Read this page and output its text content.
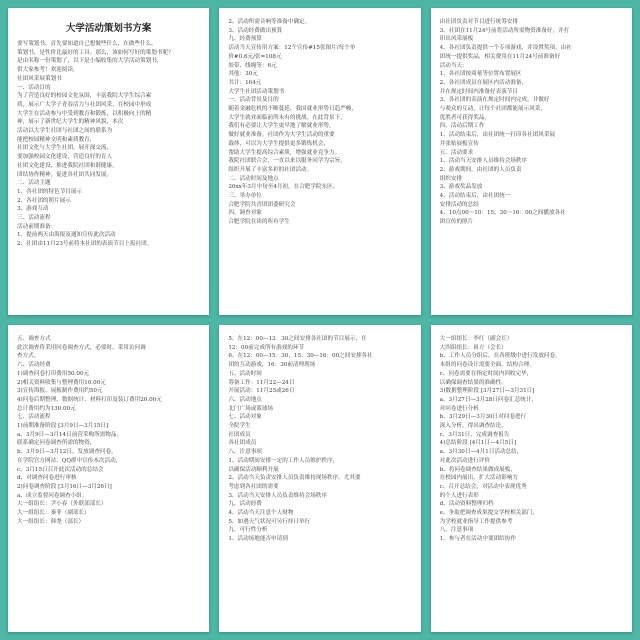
大学活动策划书方案
要写策划书，首先要知道自己想做些什么，在做些什么。
策划书，是性价比最好的工具。那么，该如何写好的策划书呢？
是由名称一份策划了，以下是小编收集的大学活动策划书，
供大家参考！欢迎阅读。
社团风采展策划书
一、活动目的
为了营造良好的校园文化氛围，丰富我院大学生综合素
质，展示广大学子青春活力与社团风采，在校园中形成
大学生在活动参与中受到教育和锻炼，以积极向上的精
神，展示了新世纪大学生的精神风貌，本次
活动以大学生社团与社团之间的联系为
能把校园精神文明和素质教育，
社团文化与大学生社团，展开深交流，
要加强校园文化建设，营造良好的育人
社团文化建设，推进我院社团和谐健康，
团结协作精神，促进各社团共同发展。
二、活动主题
1、各社团的特色节目展示
2、各社团的照片展示
3、游戏互动
三、活动流程
活动前期准备：
1、提前两天由海报及通知宣传此次活动
2、社团由11月23号前将本社团的表演节目上报社团。
2、活动所需音响等准备中确定。
3、活动经费做出预算
九、经费预算
活动当天宣传用方案：12个宣传#15张图片/每个单
价#0.6元/张=108元
胶带、线绳等：6元
其他：30元
共计：164元
大学生社团活动策划书
一、活动背景及目的
随着金融危机的不断蔓延，我国就业形势日趋严峻，
大学生就业面临前所未有的挑战。在此背景下，
我们有必要让大学生更早地了解就业形势，
做好就业准备。社团作为大学生活动的重要
载体，可以为大学生提供更多锻炼机会，
帮助大学生提高综合素质，增强就业竞争力。
我院社团联合会，一直以来以服务同学为宗旨，
组织开展了丰富多彩的社团活动。
二、活动时间及地点
20xx年3月中旬至4月初，在合肥学院东区。
三、举办单位
合肥学院共青团团委研究会
四、调查对象
合肥学院在读的所有学生
由社团负责对节目进行统筹安排
3、社团在11月24号前将活动所需物资准备好，并打
印出风采展板
4、各社团负责提供一个专项游戏，并设置奖项，由社
团统一提供奖品，相关费用在11月24号前准备好
活动当天：
1、各社团按商量等位置布置展区
2、各社团成员在展区内活动准备，
并在规定时间内准备好表演节目
3、各社团的表演在规定时间内完成，并做好
与观众的互动，让每个社团都能展示风采，
优胜者可获得奖品，
四、活动后期工作
1、活动结束后，由社团统一打印各社团风采展
并张贴展板宣传
五、活动要求
1、活动当天安排人员维持会场秩序
2、游戏期间，由社团的人员负责
组织安排
3、游戏奖品发放
4、活动结束后，由社团统一
安排活动的总结
4、10点00～10：15、30～16：00之间播放各社
团宣传的照片
五、调查方式
此次调查将采用问卷调查方式，必要时，采用访问调
查方式。
六、活动经费
1)调查问卷打印费用50.00元
2)相关资料收集与整理费用10.00元
3)宣传海报、展板制作费用约50元
4)问卷后期整理、数据统计、材料打印及装订费用20.00元
总计费用约为130.00元
七、活动流程
1)前期准备阶段 [3月9日—3月15日]
a、3月9日—3月14日前营采购所需物品，
联系确定问卷调查所需的物资，
b、3月9日—3月12日，发放调查问卷，
在学院官方网站、QQ群中宣传本次活动，
c、3月15日召开此次活动的总结会
d、对调查问卷进行审核
2)问卷调查阶段 [3月16日—3月26日]
a、成立监督问卷调查小组：
大一组组长：尹小春（外联部部长）
大一组组长：秦菲（副部长）
大一组组长：韩尧（部长）
5、在12：00—13：30之间安排各社团的节目展示，在
12：00前完成所有游戏的环节
6、在12：00—15：30，15：30—16：00之间安排各社
团的互动游戏，16：30前清理现场
五、活动时间
筹备工作：11月22—24日
开展活动：11月25或26日
六、活动地点
北门广场或篮球场
七、活动对象
全院学生
社团成员
各社团成员
八、注意事项
1、活动期间安排一定的工作人员维护秩序，
以确保活动顺利开展
2、活动当天负责安排人员负责维持现场秩序，尤其要
考虑到各社团的需要
3、活动当天安排人员负责维持会场秩序
九、活动经费
4、活动当天注意个人财物
5、如遇天气状况可另行择日举行
九、可行性分析
1、活动场地能否申请到
大一组组长：李红（副会长）
大四组组长：祖方（会长）
b、工作人员分组后，在各班级中进行发放问卷。
本组的问卷设计需要全面，结构合理。
c、问卷需要在指定时间内回收完毕，
以确保调查结果的准确性。
3)数据整理阶段 [3月27日—3月31日]
a、3月27日—3月28日问卷汇总统计，
对问卷进行分析
b、3月29日—3月30日对问卷进行
深入分析，得出调查结论，
c、3月31日，完成调查报告
4)总结阶段 [4月1日—4月5日]
a、3月30日—4月1日活动总结，
对此次活动进行评价
b、将问卷调查结果做成展板，
在校园内展出，扩大活动影响力
c、召开总结会，对活动中表现优秀
的个人进行表彰
d、活动资料整理归档
e、争取把调查成果提交学校相关部门，
为学校就业指导工作提供参考
八、注意事项
1、参与者在活动中要团结协作
